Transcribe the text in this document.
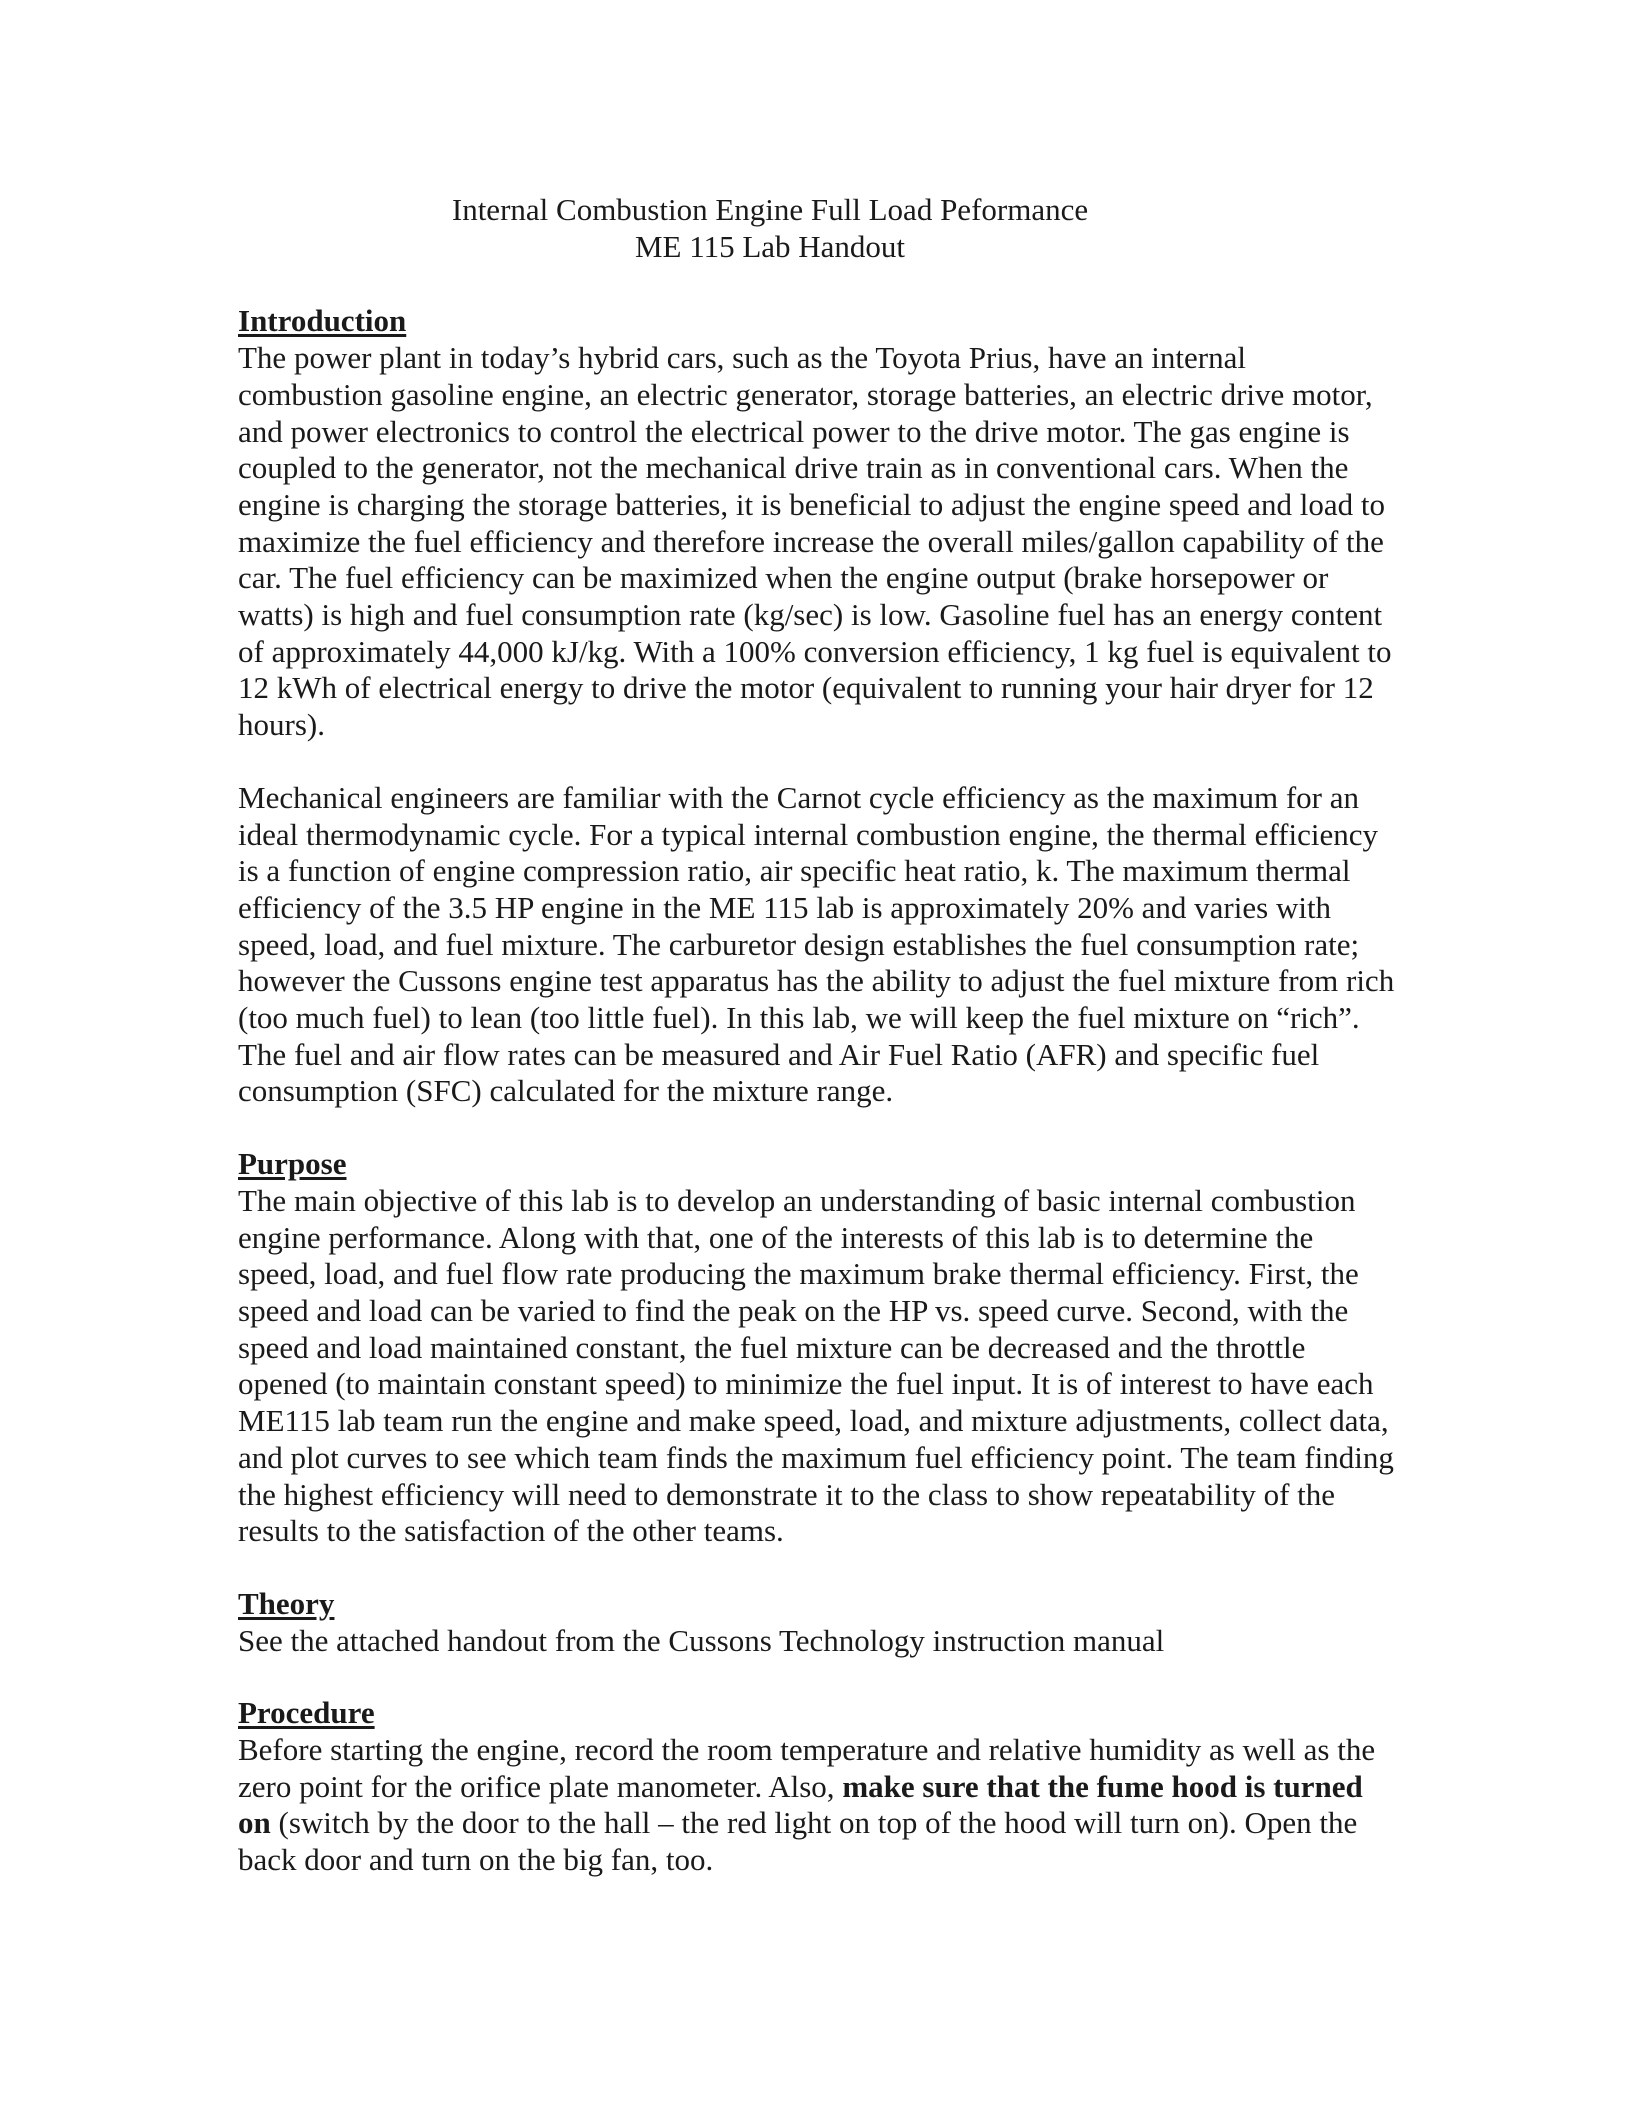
Internal Combustion Engine Full Load Peformance
ME 115 Lab Handout
Introduction

The power plant in today’s hybrid cars, such as the Toyota Prius, have an internal combustion gasoline engine, an electric generator, storage batteries, an electric drive motor, and power electronics to control the electrical power to the drive motor. The gas engine is coupled to the generator, not the mechanical drive train as in conventional cars. When the engine is charging the storage batteries, it is beneficial to adjust the engine speed and load to maximize the fuel efficiency and therefore increase the overall miles/gallon capability of the car. The fuel efficiency can be maximized when the engine output (brake horsepower or watts) is high and fuel consumption rate (kg/sec) is low. Gasoline fuel has an energy content of approximately 44,000 kJ/kg. With a 100% conversion efficiency, 1 kg fuel is equivalent to 12 kWh of electrical energy to drive the motor (equivalent to running your hair dryer for 12 hours).

Mechanical engineers are familiar with the Carnot cycle efficiency as the maximum for an ideal thermodynamic cycle. For a typical internal combustion engine, the thermal efficiency is a function of engine compression ratio, air specific heat ratio, k. The maximum thermal efficiency of the 3.5 HP engine in the ME 115 lab is approximately 20% and varies with speed, load, and fuel mixture. The carburetor design establishes the fuel consumption rate; however the Cussons engine test apparatus has the ability to adjust the fuel mixture from rich (too much fuel) to lean (too little fuel). In this lab, we will keep the fuel mixture on “rich”. The fuel and air flow rates can be measured and Air Fuel Ratio (AFR) and specific fuel consumption (SFC) calculated for the mixture range.

Purpose

The main objective of this lab is to develop an understanding of basic internal combustion engine performance. Along with that, one of the interests of this lab is to determine the speed, load, and fuel flow rate producing the maximum brake thermal efficiency. First, the speed and load can be varied to find the peak on the HP vs. speed curve. Second, with the speed and load maintained constant, the fuel mixture can be decreased and the throttle opened (to maintain constant speed) to minimize the fuel input. It is of interest to have each ME115 lab team run the engine and make speed, load, and mixture adjustments, collect data, and plot curves to see which team finds the maximum fuel efficiency point. The team finding the highest efficiency will need to demonstrate it to the class to show repeatability of the results to the satisfaction of the other teams.

Theory

See the attached handout from the Cussons Technology instruction manual

Procedure

Before starting the engine, record the room temperature and relative humidity as well as the zero point for the orifice plate manometer. Also, make sure that the fume hood is turned on (switch by the door to the hall – the red light on top of the hood will turn on). Open the back door and turn on the big fan, too.
